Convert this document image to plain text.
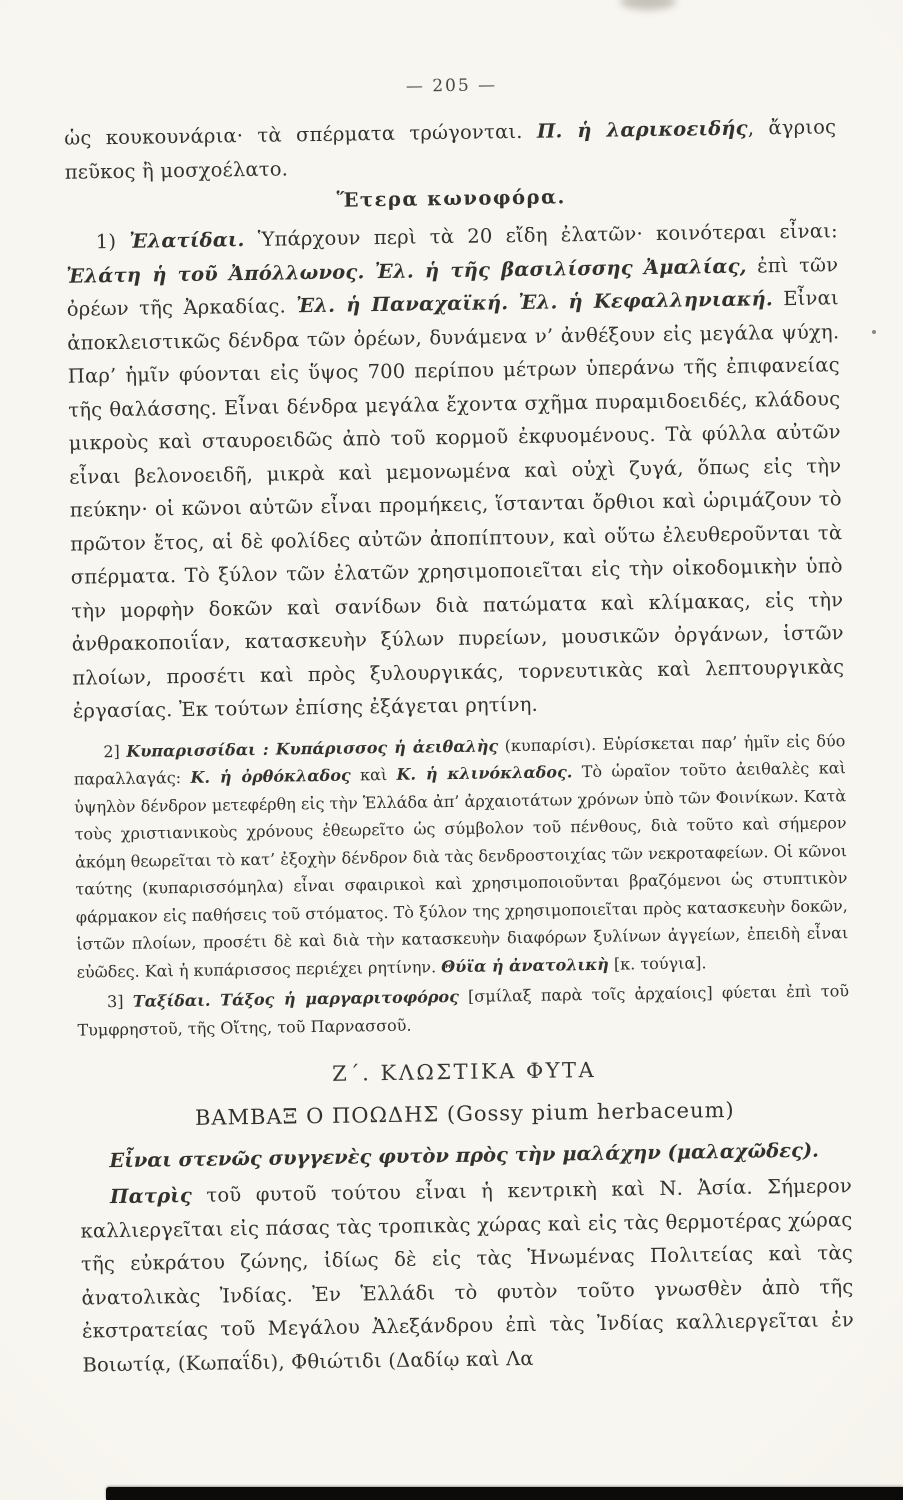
— 205 —

ὡς κουκουνάρια· τὰ σπέρματα τρώγονται. Π. ἡ λαρικοειδής, ἄγριος πεῦκος ἢ μοσχοέλατο.

Ἕτερα κωνοφόρα.

1) Ἐλατίδαι. Ὑπάρχουν περὶ τὰ 20 εἴδη ἐλατῶν· κοινότεραι εἶναι: Ἐλάτη ἡ τοῦ Ἀπόλλωνος. Ἐλ. ἡ τῆς βασιλίσσης Ἀμαλίας, ἐπὶ τῶν ὀρέων τῆς Ἀρκαδίας. Ἐλ. ἡ Παναχαϊκή. Ἐλ. ἡ Κεφαλληνιακή. Εἶναι ἀποκλειστικῶς δένδρα τῶν ὀρέων, δυνάμενα ν’ ἀνθέξουν εἰς μεγάλα ψύχη. Παρ’ ἡμῖν φύονται εἰς ὕψος 700 περίπου μέτρων ὑπεράνω τῆς ἐπιφανείας τῆς θαλάσσης. Εἶναι δένδρα μεγάλα ἔχοντα σχῆμα πυραμιδοειδές, κλάδους μικροὺς καὶ σταυροειδῶς ἀπὸ τοῦ κορμοῦ ἐκφυομένους. Τὰ φύλλα αὐτῶν εἶναι βελονοειδῆ, μικρὰ καὶ μεμονωμένα καὶ οὐχὶ ζυγά, ὅπως εἰς τὴν πεύκην· οἱ κῶνοι αὐτῶν εἶναι προμήκεις, ἵστανται ὄρθιοι καὶ ὡριμάζουν τὸ πρῶτον ἔτος, αἱ δὲ φολίδες αὐτῶν ἀποπίπτουν, καὶ οὕτω ἐλευθεροῦνται τὰ σπέρματα. Τὸ ξύλον τῶν ἐλατῶν χρησιμοποιεῖται εἰς τὴν οἰκοδομικὴν ὑπὸ τὴν μορφὴν δοκῶν καὶ σανίδων διὰ πατώματα καὶ κλίμακας, εἰς τὴν ἀνθρακοποιΐαν, κατασκευὴν ξύλων πυρείων, μουσικῶν ὀργάνων, ἱστῶν πλοίων, προσέτι καὶ πρὸς ξυλουργικάς, τορνευτικὰς καὶ λεπτουργικὰς ἐργασίας. Ἐκ τούτων ἐπίσης ἐξάγεται ρητίνη.

2] Κυπαρισσίδαι : Κυπάρισσος ἡ ἀειθαλὴς (κυπαρίσι). Εὑρίσκεται παρ’ ἡμῖν εἰς δύο παραλλαγάς: Κ. ἡ ὀρθόκλαδος καὶ Κ. ἡ κλινόκλαδος. Τὸ ὡραῖον τοῦτο ἀειθαλὲς καὶ ὑψηλὸν δένδρον μετεφέρθη εἰς τὴν Ἑλλάδα ἀπ’ ἀρχαιοτάτων χρόνων ὑπὸ τῶν Φοινίκων. Κατὰ τοὺς χριστιανικοὺς χρόνους ἐθεωρεῖτο ὡς σύμβολον τοῦ πένθους, διὰ τοῦτο καὶ σήμερον ἀκόμη θεωρεῖται τὸ κατ’ ἐξοχὴν δένδρον διὰ τὰς δενδροστοιχίας τῶν νεκροταφείων. Οἱ κῶνοι ταύτης (κυπαρισσόμηλα) εἶναι σφαιρικοὶ καὶ χρησιμοποιοῦνται βραζόμενοι ὡς στυπτικὸν φάρμακον εἰς παθήσεις τοῦ στόματος. Τὸ ξύλον της χρησιμοποιεῖται πρὸς κατασκευὴν δοκῶν, ἱστῶν πλοίων, προσέτι δὲ καὶ διὰ τὴν κατασκευὴν διαφόρων ξυλίνων ἀγγείων, ἐπειδὴ εἶναι εὐῶδες. Καὶ ἡ κυπάρισσος περιέχει ρητίνην. Θύϊα ἡ ἀνατολικὴ [κ. τούγια].

3] Ταξίδαι. Τάξος ἡ μαργαριτοφόρος [σμίλαξ παρὰ τοῖς ἀρχαίοις] φύεται ἐπὶ τοῦ Τυμφρηστοῦ, τῆς Οἴτης, τοῦ Παρνασσοῦ.

Ζ΄. ΚΛΩΣΤΙΚΑ ΦΥΤΑ

ΒΑΜΒΑΞ Ο ΠΟΩΔΗΣ (Gossy pium herbaceum)

Εἶναι στενῶς συγγενὲς φυτὸν πρὸς τὴν μαλάχην (μαλαχῶδες).

Πατρὶς τοῦ φυτοῦ τούτου εἶναι ἡ κεντρικὴ καὶ Ν. Ἀσία. Σήμερον καλλιεργεῖται εἰς πάσας τὰς τροπικὰς χώρας καὶ εἰς τὰς θερμοτέρας χώρας τῆς εὐκράτου ζώνης, ἰδίως δὲ εἰς τὰς Ἡνωμένας Πολιτείας καὶ τὰς ἀνατολικὰς Ἰνδίας. Ἐν Ἑλλάδι τὸ φυτὸν τοῦτο γνωσθὲν ἀπὸ τῆς ἐκστρατείας τοῦ Μεγάλου Ἀλεξάνδρου ἐπὶ τὰς Ἰνδίας καλλιεργεῖται ἐν Βοιωτίᾳ, (Κωπαΐδι), Φθιώτιδι (Δαδίῳ καὶ Λα
